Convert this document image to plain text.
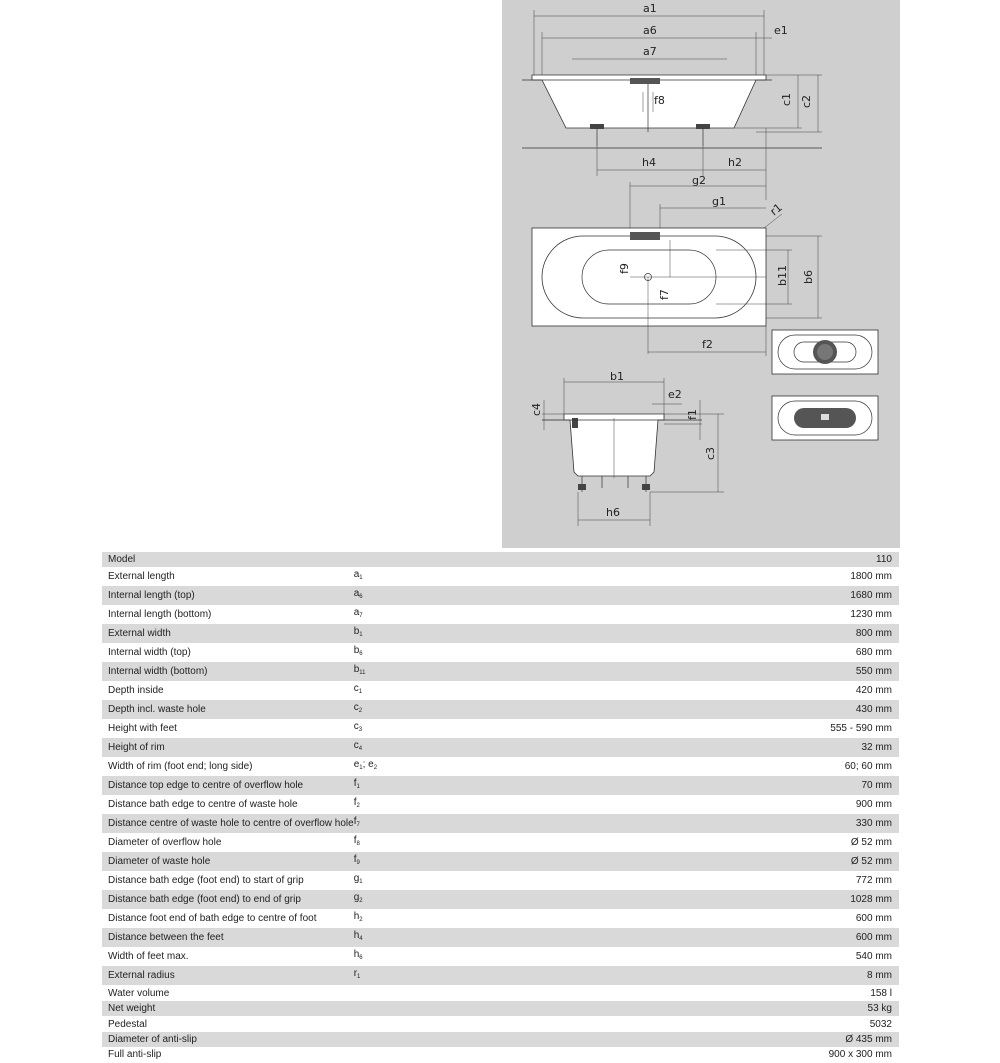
a1
a6	e1
a7
f8	c1 c2
h4	h2
g2
g1	r1
f9
f7
b11 b6
f2
b1
e2
c4	f1
c3
h6
Model		110
External length	$a_1$	1800 mm
Internal length (top)	$a_6$	1680 mm
Internal length (bottom)	$a_7$	1230 mm
External width	$b_1$	800 mm
Internal width (top)	$b_6$	680 mm
Internal width (bottom)	$b_{11}$	550 mm
Depth inside	$c_1$	420 mm
Depth incl. waste hole	$c_2$	430 mm
Height with feet	$c_3$	555 - 590 mm
Height of rim	$c_4$	32 mm
Width of rim (foot end; long side)	$e_1$; $e_2$	60; 60 mm
Distance top edge to centre of overflow hole	$f_1$	70 mm
Distance bath edge to centre of waste hole	$f_2$	900 mm
Distance centre of waste hole to centre of overflow hole	$f_7$	330 mm
Diameter of overflow hole	$f_8$	Ø 52 mm
Diameter of waste hole	$f_9$	Ø 52 mm
Distance bath edge (foot end) to start of grip	$g_1$	772 mm
Distance bath edge (foot end) to end of grip	$g_2$	1028 mm
Distance foot end of bath edge to centre of foot	$h_2$	600 mm
Distance between the feet	$h_4$	600 mm
Width of feet max.	$h_6$	540 mm
External radius	$r_1$	8 mm
Water volume		158 l
Net weight		53 kg
Pedestal		5032
Diameter of anti-slip		Ø 435 mm
Full anti-slip		900 x 300 mm
